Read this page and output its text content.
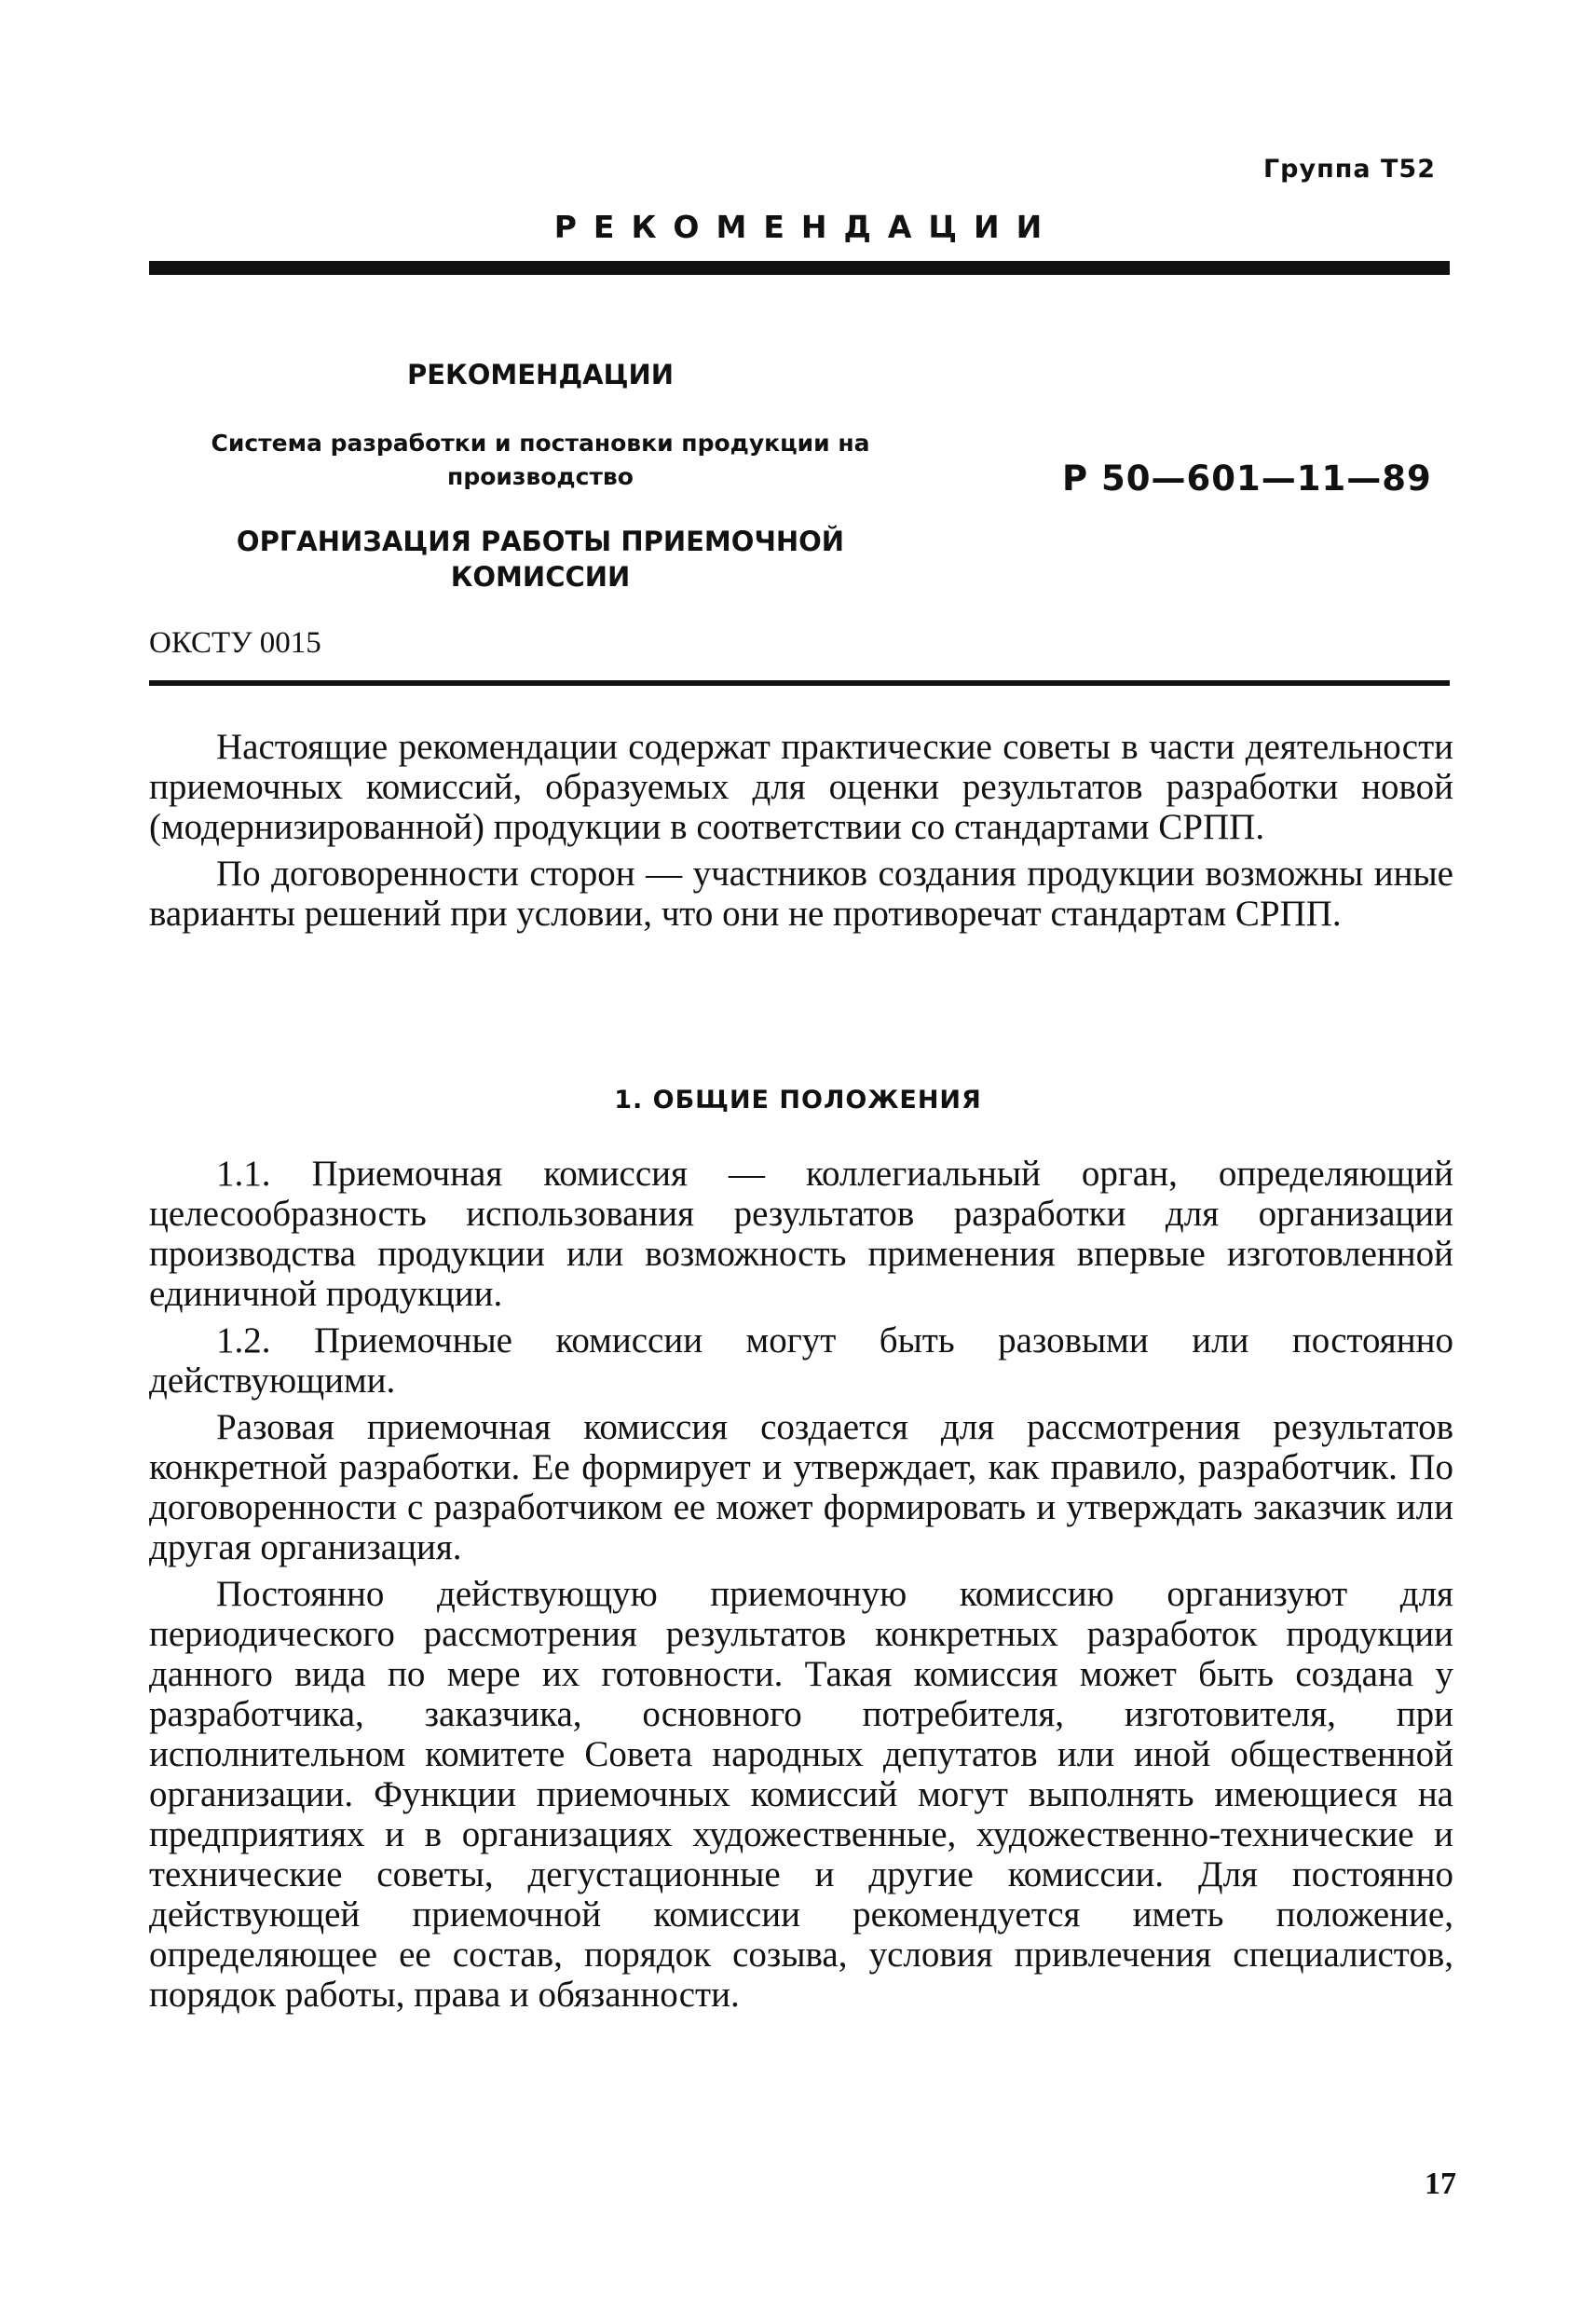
Группа Т52
РЕКОМЕНДАЦИИ
РЕКОМЕНДАЦИИ
Система разработки и постановки продукции на производство
ОРГАНИЗАЦИЯ РАБОТЫ ПРИЕМОЧНОЙ КОМИССИИ
Р 50—601—11—89
ОКСТУ 0015

Настоящие рекомендации содержат практические советы в части деятельности приемочных комиссий, образуемых для оценки результатов разработки новой (модернизированной) продукции в соответствии со стандартами СРПП.

По договоренности сторон — участников создания продукции возможны иные варианты решений при условии, что они не противоречат стандартам СРПП.

1. ОБЩИЕ ПОЛОЖЕНИЯ

1.1. Приемочная комиссия — коллегиальный орган, определяющий целесообразность использования результатов разработки для организации производства продукции или возможность применения впервые изготовленной единичной продукции.

1.2. Приемочные комиссии могут быть разовыми или постоянно действующими.

Разовая приемочная комиссия создается для рассмотрения результатов конкретной разработки. Ее формирует и утверждает, как правило, разработчик. По договоренности с разработчиком ее может формировать и утверждать заказчик или другая организация.

Постоянно действующую приемочную комиссию организуют для периодического рассмотрения результатов конкретных разработок продукции данного вида по мере их готовности. Такая комиссия может быть создана у разработчика, заказчика, основного потребителя, изготовителя, при исполнительном комитете Совета народных депутатов или иной общественной организации. Функции приемочных комиссий могут выполнять имеющиеся на предприятиях и в организациях художественные, художественно-технические и технические советы, дегустационные и другие комиссии. Для постоянно действующей приемочной комиссии рекомендуется иметь положение, определяющее ее состав, порядок созыва, условия привлечения специалистов, порядок работы, права и обязанности.

17
